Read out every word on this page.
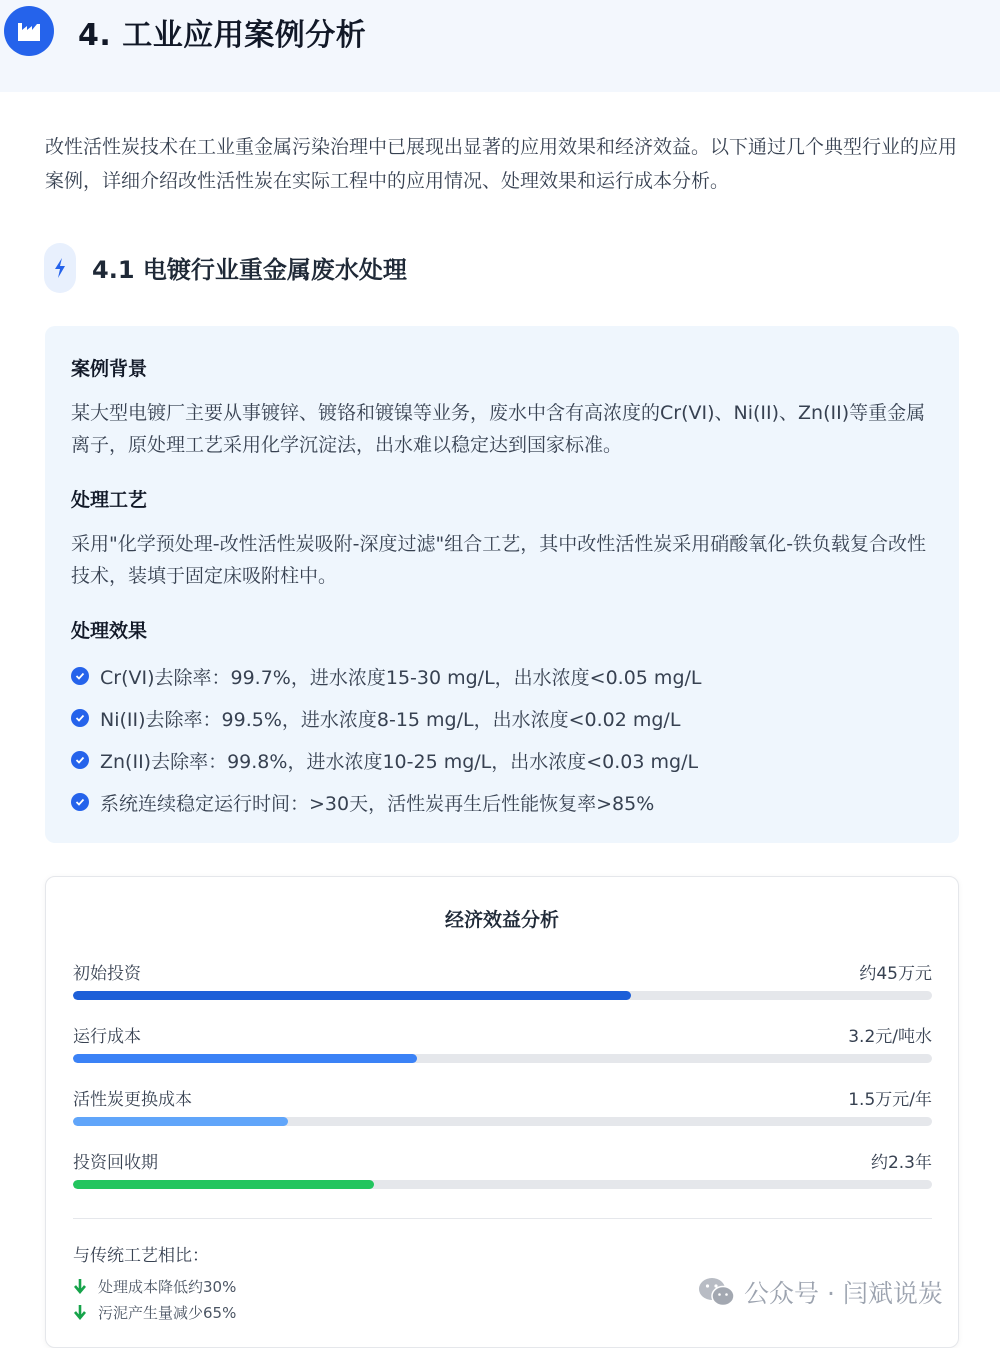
4. 工业应用案例分析

改性活性炭技术在工业重金属污染治理中已展现出显著的应用效果和经济效益。以下通过几个典型行业的应用案例，详细介绍改性活性炭在实际工程中的应用情况、处理效果和运行成本分析。

4.1 电镀行业重金属废水处理
案例背景

某大型电镀厂主要从事镀锌、镀铬和镀镍等业务，废水中含有高浓度的Cr(VI)、Ni(II)、Zn(II)等重金属离子，原处理工艺采用化学沉淀法，出水难以稳定达到国家标准。

处理工艺

采用"化学预处理-改性活性炭吸附-深度过滤"组合工艺，其中改性活性炭采用硝酸氧化-铁负载复合改性技术，装填于固定床吸附柱中。

处理效果
Cr(VI)去除率：99.7%，进水浓度15-30 mg/L，出水浓度<0.05 mg/L
Ni(II)去除率：99.5%，进水浓度8-15 mg/L，出水浓度<0.02 mg/L
Zn(II)去除率：99.8%，进水浓度10-25 mg/L，出水浓度<0.03 mg/L
系统连续稳定运行时间：>30天，活性炭再生后性能恢复率>85%
经济效益分析
初始投资	约45万元
运行成本	3.2元/吨水
活性炭更换成本	1.5万元/年
投资回收期	约2.3年

与传统工艺相比：

处理成本降低约30%
污泥产生量减少65%
公众号 · 闫斌说炭
